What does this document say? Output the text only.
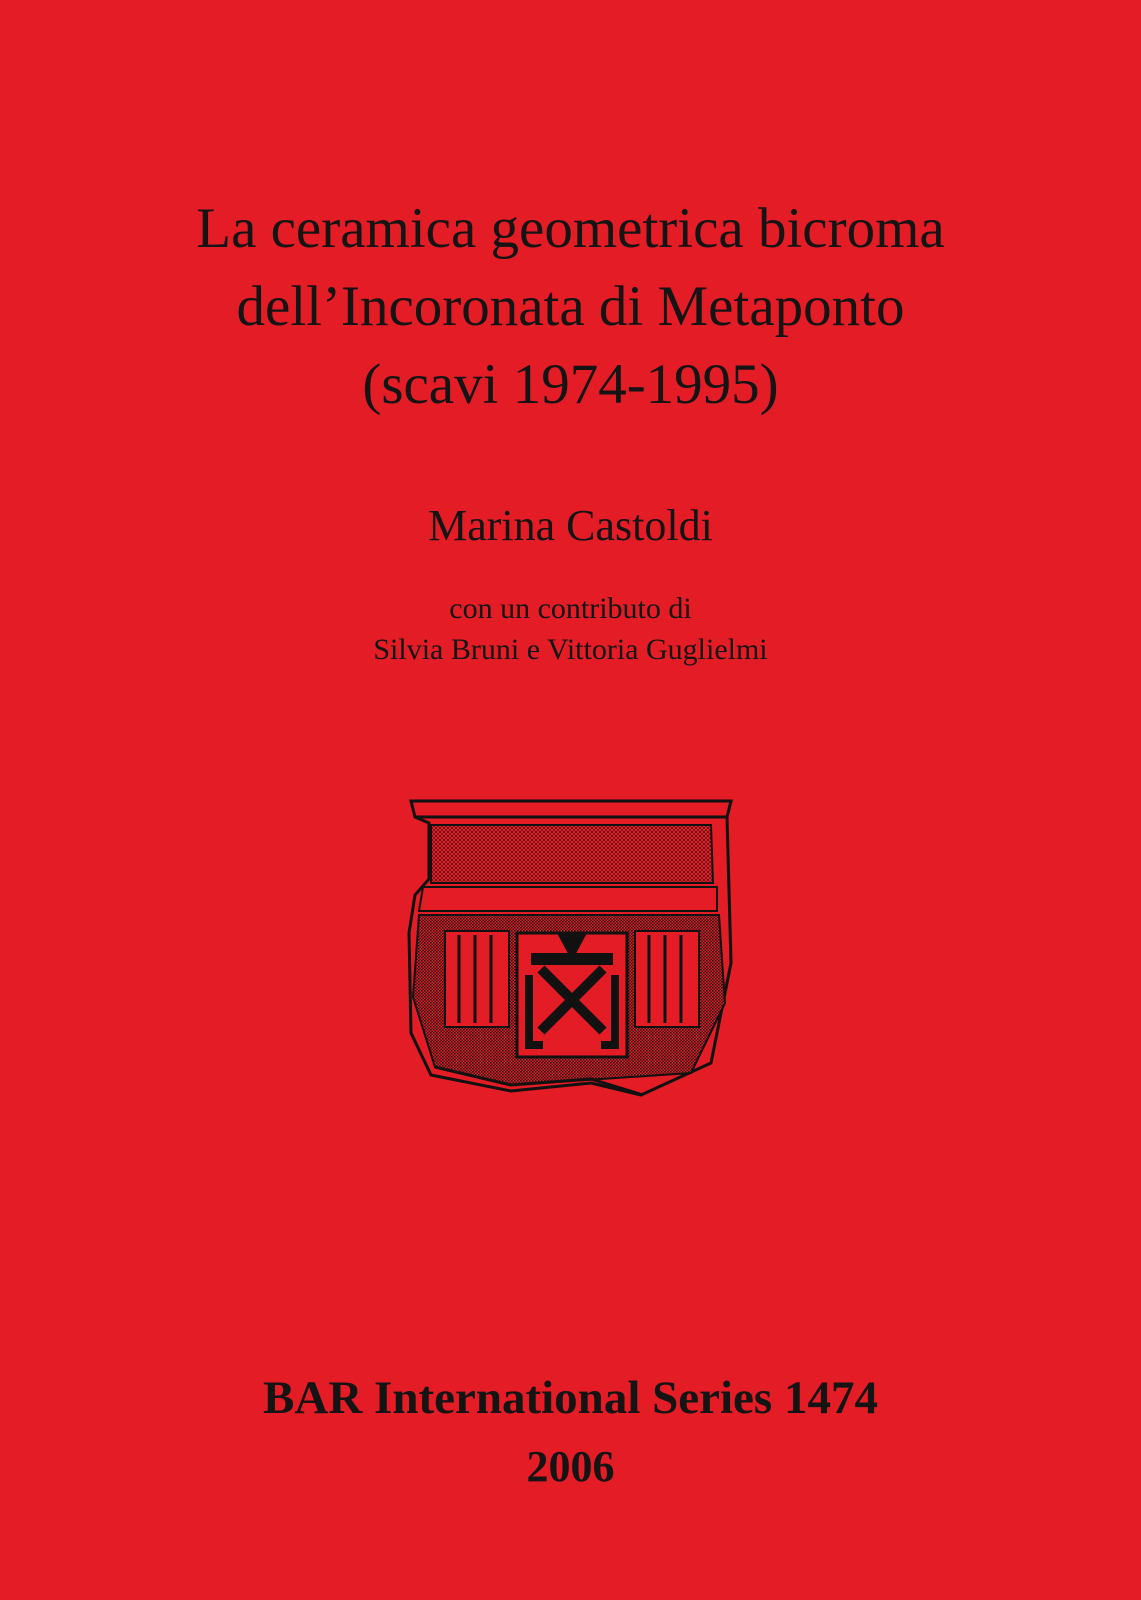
La ceramica geometrica bicroma
dell’Incoronata di Metaponto
(scavi 1974-1995)
Marina Castoldi
con un contributo di
Silvia Bruni e Vittoria Guglielmi
BAR International Series 1474
2006
